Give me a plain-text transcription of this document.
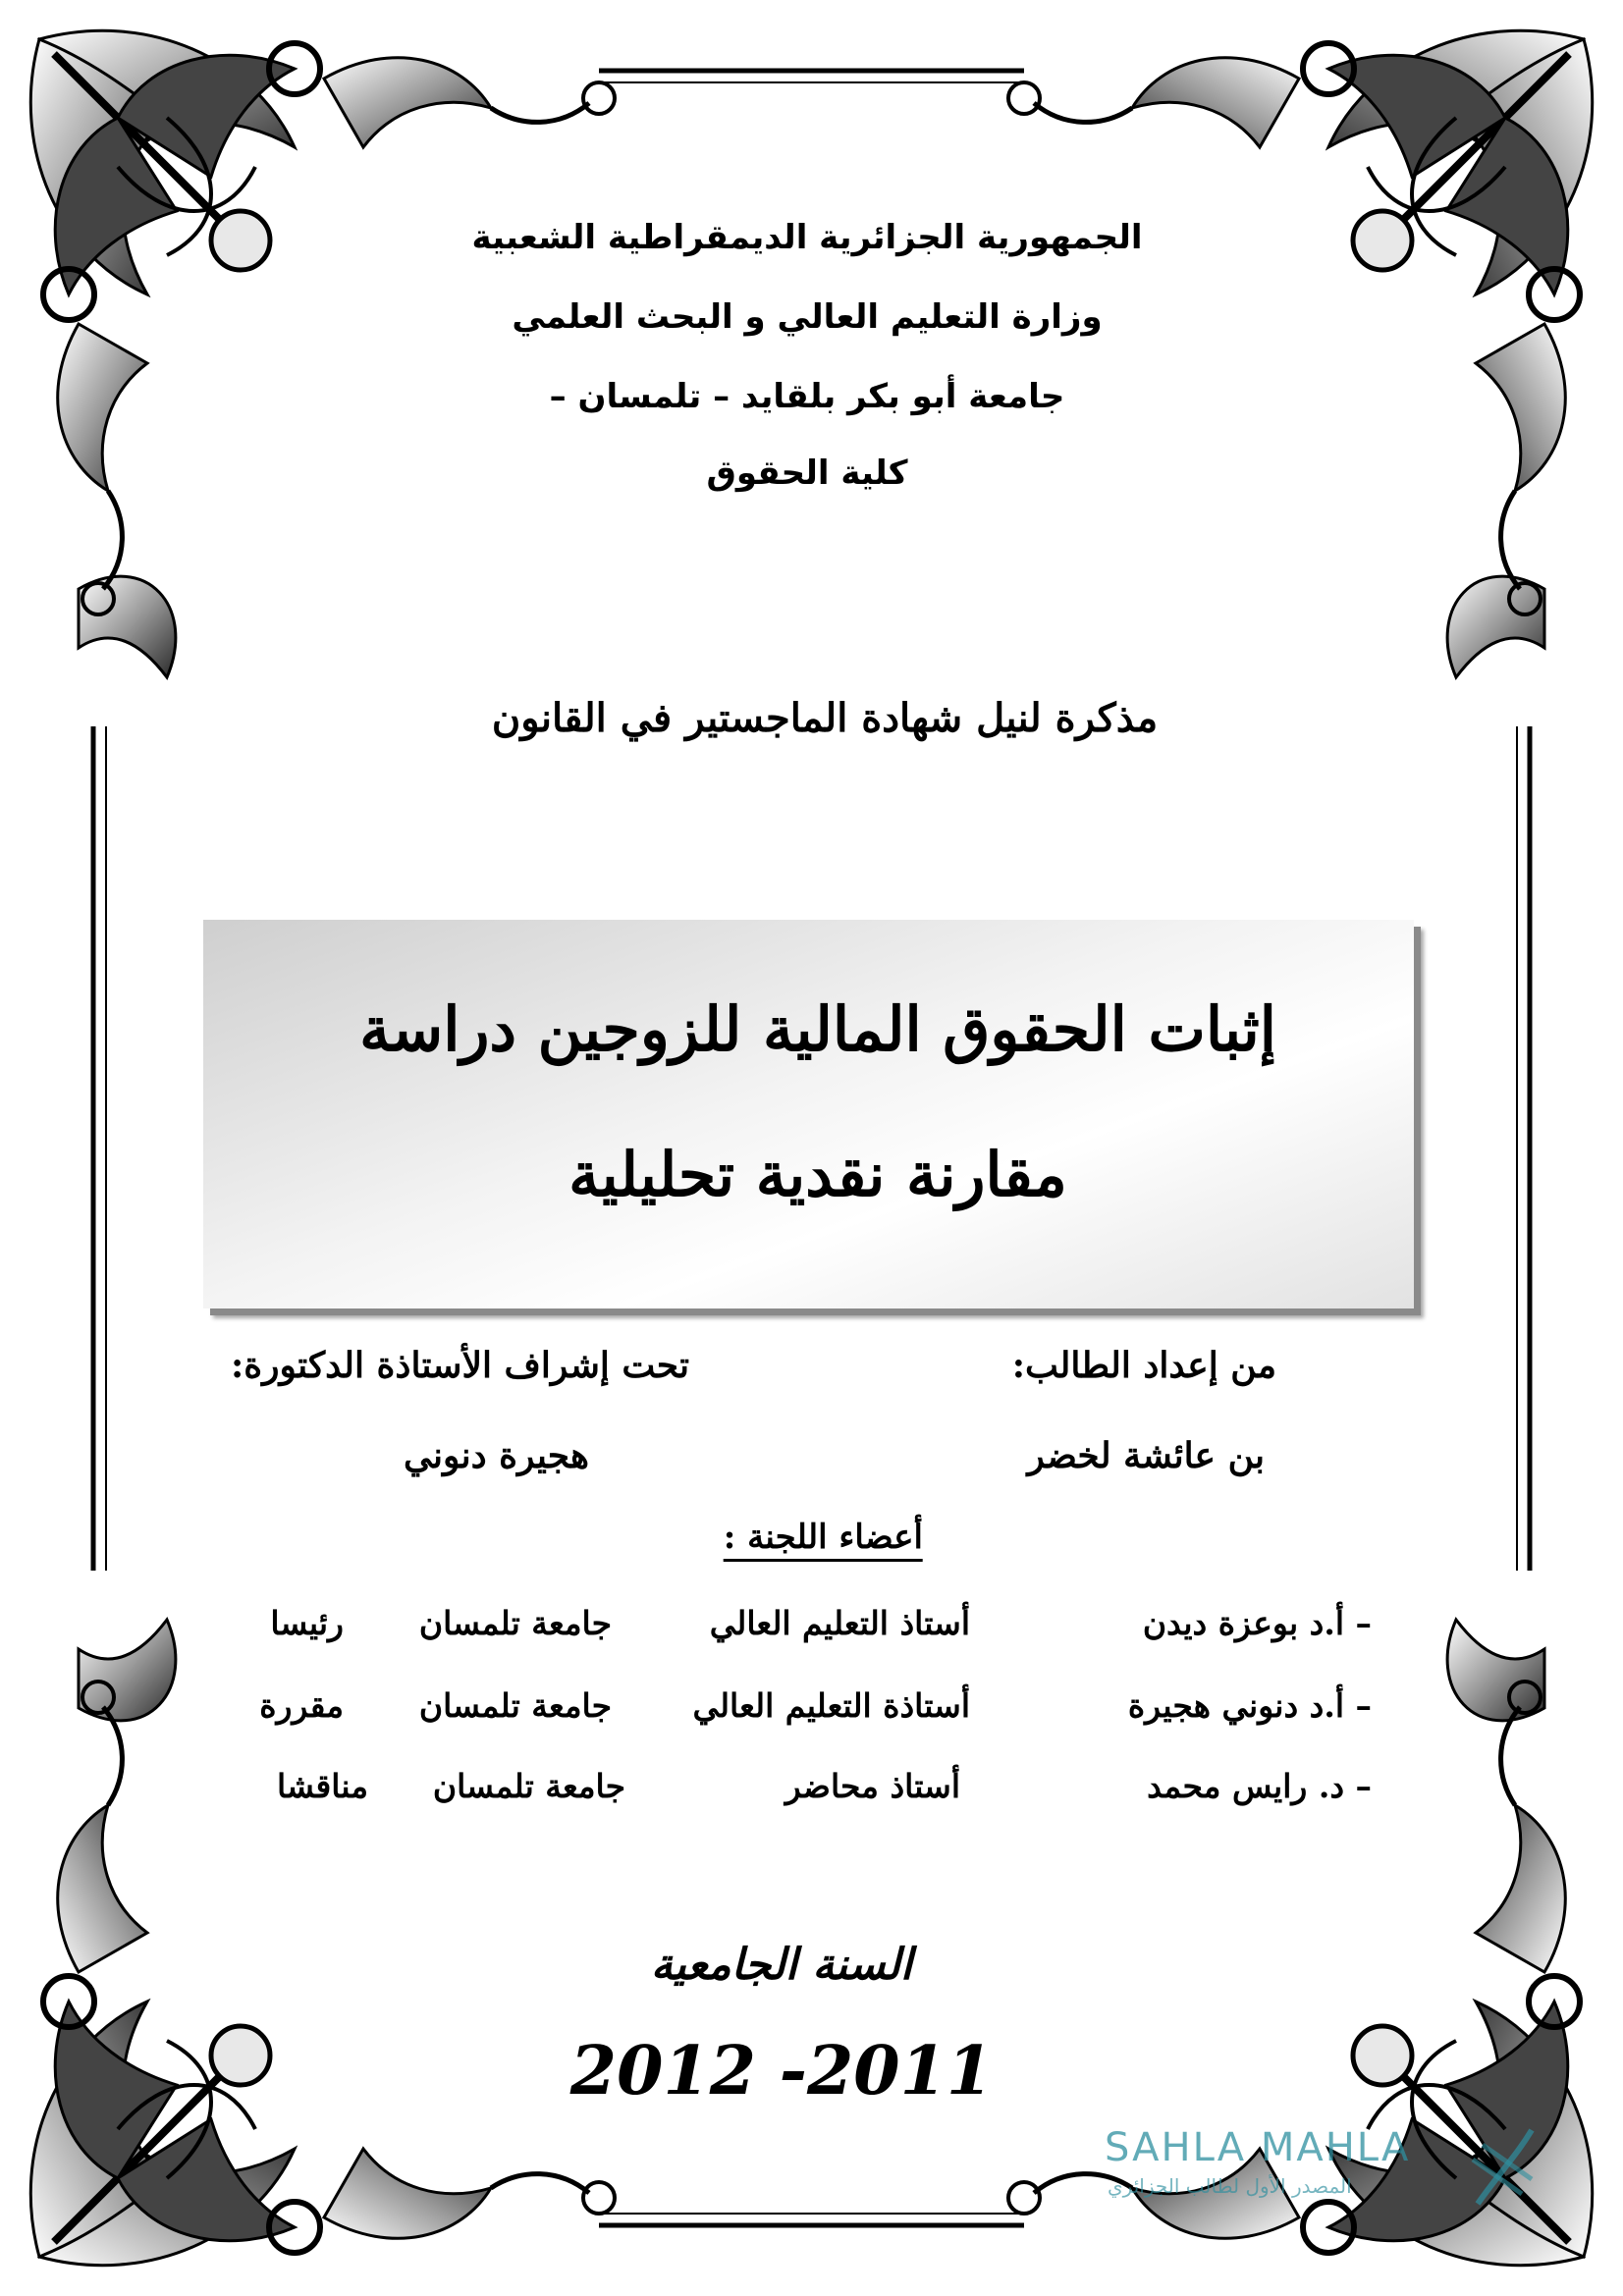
الجمهورية الجزائرية الديمقراطية الشعبية
وزارة التعليم العالي و البحث العلمي
جامعة أبو بكر بلقايد – تلمسان –
كلية الحقوق
مذكرة لنيل شهادة الماجستير في القانون
إثبات الحقوق المالية للزوجين دراسة
مقارنة نقدية تحليلية
من إعداد الطالب:
تحت إشراف الأستاذة الدكتورة:
بن عائشة لخضر
هجيرة دنوني
أعضاء اللجنة :
– أ.د بوعزة ديدن
أستاذ التعليم العالي
جامعة تلمسان
رئيسا
– أ.د دنوني هجيرة
أستاذة التعليم العالي
جامعة تلمسان
مقررة
– د. رايس محمد
أستاذ محاضر
جامعة تلمسان
مناقشا
السنة الجامعية
2012 -2011
SAHLA MAHLA
المصدر الأول لطالب الجزائري
